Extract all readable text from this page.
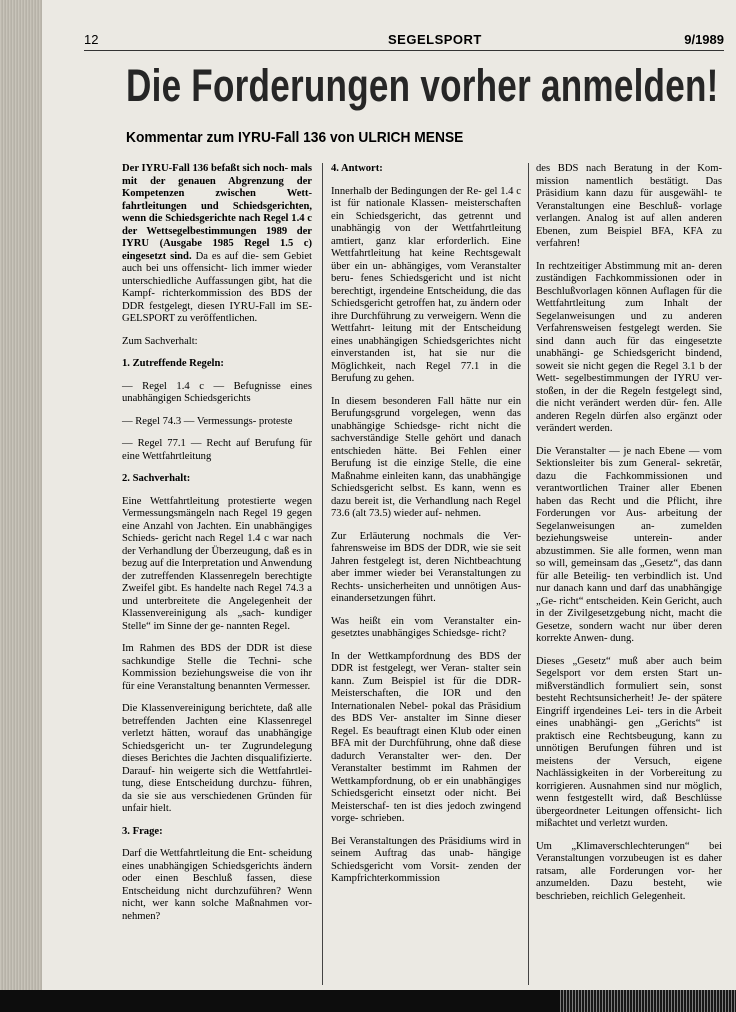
12	SEGELSPORT	9/1989
Die Forderungen vorher anmelden!
Kommentar zum IYRU-Fall 136 von ULRICH MENSE

Der IYRU-Fall 136 befaßt sich noch- mals mit der genauen Abgrenzung der Kompetenzen zwischen Wett- fahrtleitungen und Schiedsgerichten, wenn die Schiedsgerichte nach Regel 1.4 c der Wettsegelbestimmungen 1989 der IYRU (Ausgabe 1985 Regel 1.5 c) eingesetzt sind. Da es auf die- sem Gebiet auch bei uns offensicht- lich immer wieder unterschiedliche Auffassungen gibt, hat die Kampf- richterkommission des BDS der DDR festgelegt, diesen IYRU-Fall im SE- GELSPORT zu veröffentlichen.

Zum Sachverhalt:

1. Zutreffende Regeln:

— Regel 1.4 c — Befugnisse eines unabhängigen Schiedsgerichts

— Regel 74.3 — Vermessungs- proteste

— Regel 77.1 — Recht auf Berufung für eine Wettfahrtleitung

2. Sachverhalt:

Eine Wettfahrtleitung protestierte wegen Vermessungsmängeln nach Regel 19 gegen eine Anzahl von Jachten. Ein unabhängiges Schieds- gericht nach Regel 1.4 c war nach der Verhandlung der Überzeugung, daß es in bezug auf die Interpretation und Anwendung der zutreffenden Klassenregeln berechtigte Zweifel gibt. Es handelte nach Regel 74.3 a und unterbreitete die Angelegenheit der Klassenvereinigung als „sach- kundiger Stelle“ im Sinne der ge- nannten Regel.

Im Rahmen des BDS der DDR ist diese sachkundige Stelle die Techni- sche Kommission beziehungsweise die von ihr für eine Veranstaltung benannten Vermesser.

Die Klassenvereinigung berichtete, daß alle betreffenden Jachten eine Klassenregel verletzt hätten, worauf das unabhängige Schiedsgericht un- ter Zugrundelegung dieses Berichtes die Jachten disqualifizierte. Darauf- hin weigerte sich die Wettfahrtlei- tung, diese Entscheidung durchzu- führen, da sie sie aus verschiedenen Gründen für unfair hielt.

3. Frage:

Darf die Wettfahrtleitung die Ent- scheidung eines unabhängigen Schiedsgerichts ändern oder einen Beschluß fassen, diese Entscheidung nicht durchzuführen? Wenn nicht, wer kann solche Maßnahmen vor- nehmen?

4. Antwort:

Innerhalb der Bedingungen der Re- gel 1.4 c ist für nationale Klassen- meisterschaften ein Schiedsgericht, das getrennt und unabhängig von der Wettfahrtleitung amtiert, ganz klar erforderlich. Eine Wettfahrtleitung hat keine Rechtsgewalt über ein un- abhängiges, vom Veranstalter beru- fenes Schiedsgericht und ist nicht berechtigt, irgendeine Entscheidung, die das Schiedsgericht getroffen hat, zu ändern oder ihre Durchführung zu verweigern. Wenn die Wettfahrt- leitung mit der Entscheidung eines unabhängigen Schiedsgerichtes nicht einverstanden ist, hat sie nur die Möglichkeit, nach Regel 77.1 in die Berufung zu gehen.

In diesem besonderen Fall hätte nur ein Berufungsgrund vorgelegen, wenn das unabhängige Schiedsge- richt nicht die sachverständige Stelle gehört und danach entschieden hätte. Bei Fehlen einer Berufung ist die einzige Stelle, die eine Maßnahme einleiten kann, das unabhängige Schiedsgericht selbst. Es kann, wenn es dazu bereit ist, die Verhandlung nach Regel 73.6 (alt 73.5) wieder auf- nehmen.

Zur Erläuterung nochmals die Ver- fahrensweise im BDS der DDR, wie sie seit Jahren festgelegt ist, deren Nichtbeachtung aber immer wieder bei Veranstaltungen zu Rechts- unsicherheiten und unnötigen Aus- einandersetzungen führt.

Was heißt ein vom Veranstalter ein- gesetztes unabhängiges Schiedsge- richt?

In der Wettkampfordnung des BDS der DDR ist festgelegt, wer Veran- stalter sein kann. Zum Beispiel ist für die DDR-Meisterschaften, die IOR und den Internationalen Nebel- pokal das Präsidium des BDS Ver- anstalter im Sinne dieser Regel. Es beauftragt einen Klub oder einen BFA mit der Durchführung, ohne daß diese dadurch Veranstalter wer- den. Der Veranstalter bestimmt im Rahmen der Wettkampfordnung, ob er ein unabhängiges Schiedsgericht einsetzt oder nicht. Bei Meisterschaf- ten ist dies jedoch zwingend vorge- schrieben.

Bei Veranstaltungen des Präsidiums wird in seinem Auftrag das unab- hängige Schiedsgericht vom Vorsit- zenden der Kampfrichterkommission

des BDS nach Beratung in der Kom- mission namentlich bestätigt. Das Präsidium kann dazu für ausgewähl- te Veranstaltungen eine Beschluß- vorlage verlangen. Analog ist auf allen anderen Ebenen, zum Beispiel BFA, KFA zu verfahren!

In rechtzeitiger Abstimmung mit an- deren zuständigen Fachkommissionen oder in Beschlußvorlagen können Auflagen für die Wettfahrtleitung zum Inhalt der Segelanweisungen und zu anderen Verfahrensweisen festgelegt werden. Sie sind dann auch für das eingesetzte unabhängi- ge Schiedsgericht bindend, soweit sie nicht gegen die Regel 3.1 b der Wett- segelbestimmungen der IYRU ver- stoßen, in der die Regeln festgelegt sind, die nicht verändert werden dür- fen. Alle anderen Regeln dürfen also ergänzt oder verändert werden.

Die Veranstalter — je nach Ebene — vom Sektionsleiter bis zum General- sekretär, dazu die Fachkommissionen und verantwortlichen Trainer aller Ebenen haben das Recht und die Pflicht, ihre Forderungen vor Aus- arbeitung der Segelanweisungen an- zumelden beziehungsweise unterein- ander abzustimmen. Sie alle formen, wenn man so will, gemeinsam das „Gesetz“, das dann für alle Beteilig- ten verbindlich ist. Und nur danach kann und darf das unabhängige „Ge- richt“ entscheiden. Kein Gericht, auch in der Zivilgesetzgebung nicht, macht die Gesetze, sondern wacht nur über deren korrekte Anwen- dung.

Dieses „Gesetz“ muß aber auch beim Segelsport vor dem ersten Start un- mißverständlich formuliert sein, sonst besteht Rechtsunsicherheit! Je- der spätere Eingriff irgendeines Lei- ters in die Arbeit eines unabhängi- gen „Gerichts“ ist praktisch eine Rechtsbeugung, kann zu unnötigen Berufungen führen und ist meistens der Versuch, eigene Nachlässigkeiten in der Vorbereitung zu korrigieren. Ausnahmen sind nur möglich, wenn festgestellt wird, daß Beschlüsse übergeordneter Leitungen offensicht- lich mißachtet und verletzt wurden.

Um „Klimaverschlechterungen“ bei Veranstaltungen vorzubeugen ist es daher ratsam, alle Forderungen vor- her anzumelden. Dazu besteht, wie beschrieben, reichlich Gelegenheit.
